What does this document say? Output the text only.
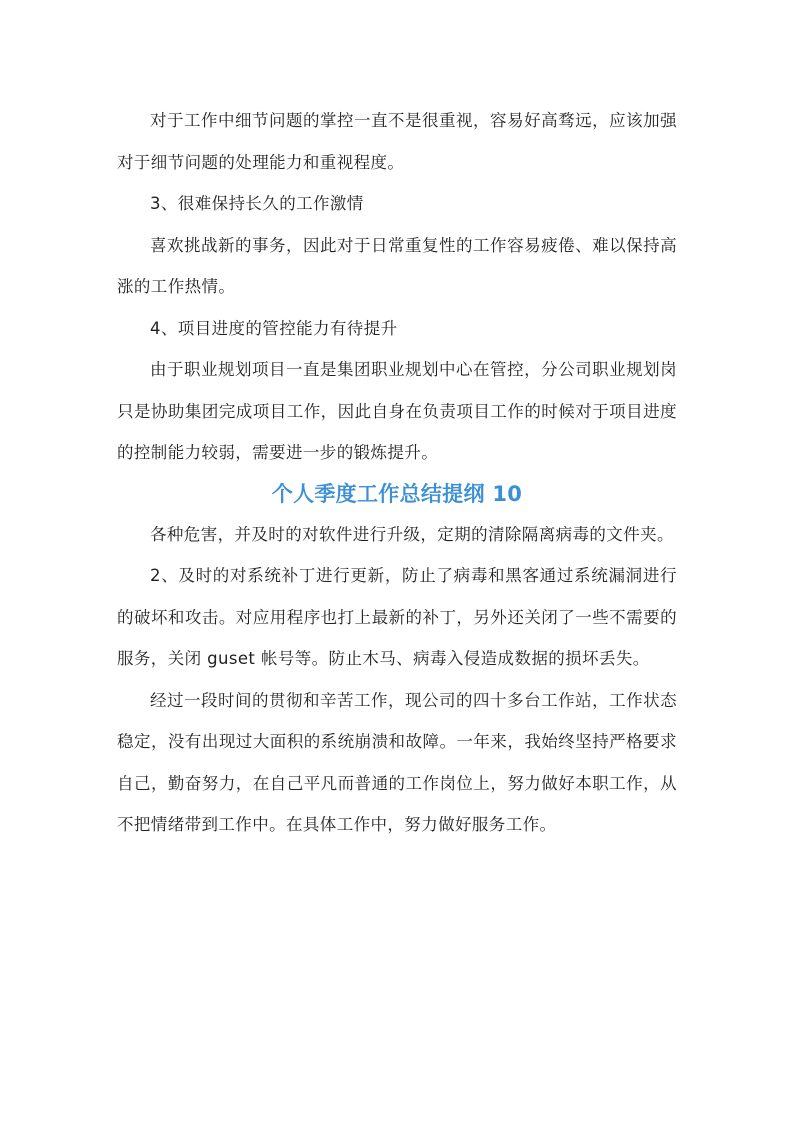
对于工作中细节问题的掌控一直不是很重视，容易好高骛远，应该加强对于细节问题的处理能力和重视程度。

3、很难保持长久的工作激情

喜欢挑战新的事务，因此对于日常重复性的工作容易疲倦、难以保持高涨的工作热情。

4、项目进度的管控能力有待提升

由于职业规划项目一直是集团职业规划中心在管控，分公司职业规划岗只是协助集团完成项目工作，因此自身在负责项目工作的时候对于项目进度的控制能力较弱，需要进一步的锻炼提升。

个人季度工作总结提纲 10

各种危害，并及时的对软件进行升级，定期的清除隔离病毒的文件夹。

2、及时的对系统补丁进行更新，防止了病毒和黑客通过系统漏洞进行的破坏和攻击。对应用程序也打上最新的补丁，另外还关闭了一些不需要的服务，关闭 guset 帐号等。防止木马、病毒入侵造成数据的损坏丢失。

经过一段时间的贯彻和辛苦工作，现公司的四十多台工作站，工作状态稳定，没有出现过大面积的系统崩溃和故障。一年来，我始终坚持严格要求自己，勤奋努力，在自己平凡而普通的工作岗位上，努力做好本职工作，从不把情绪带到工作中。在具体工作中，努力做好服务工作。
